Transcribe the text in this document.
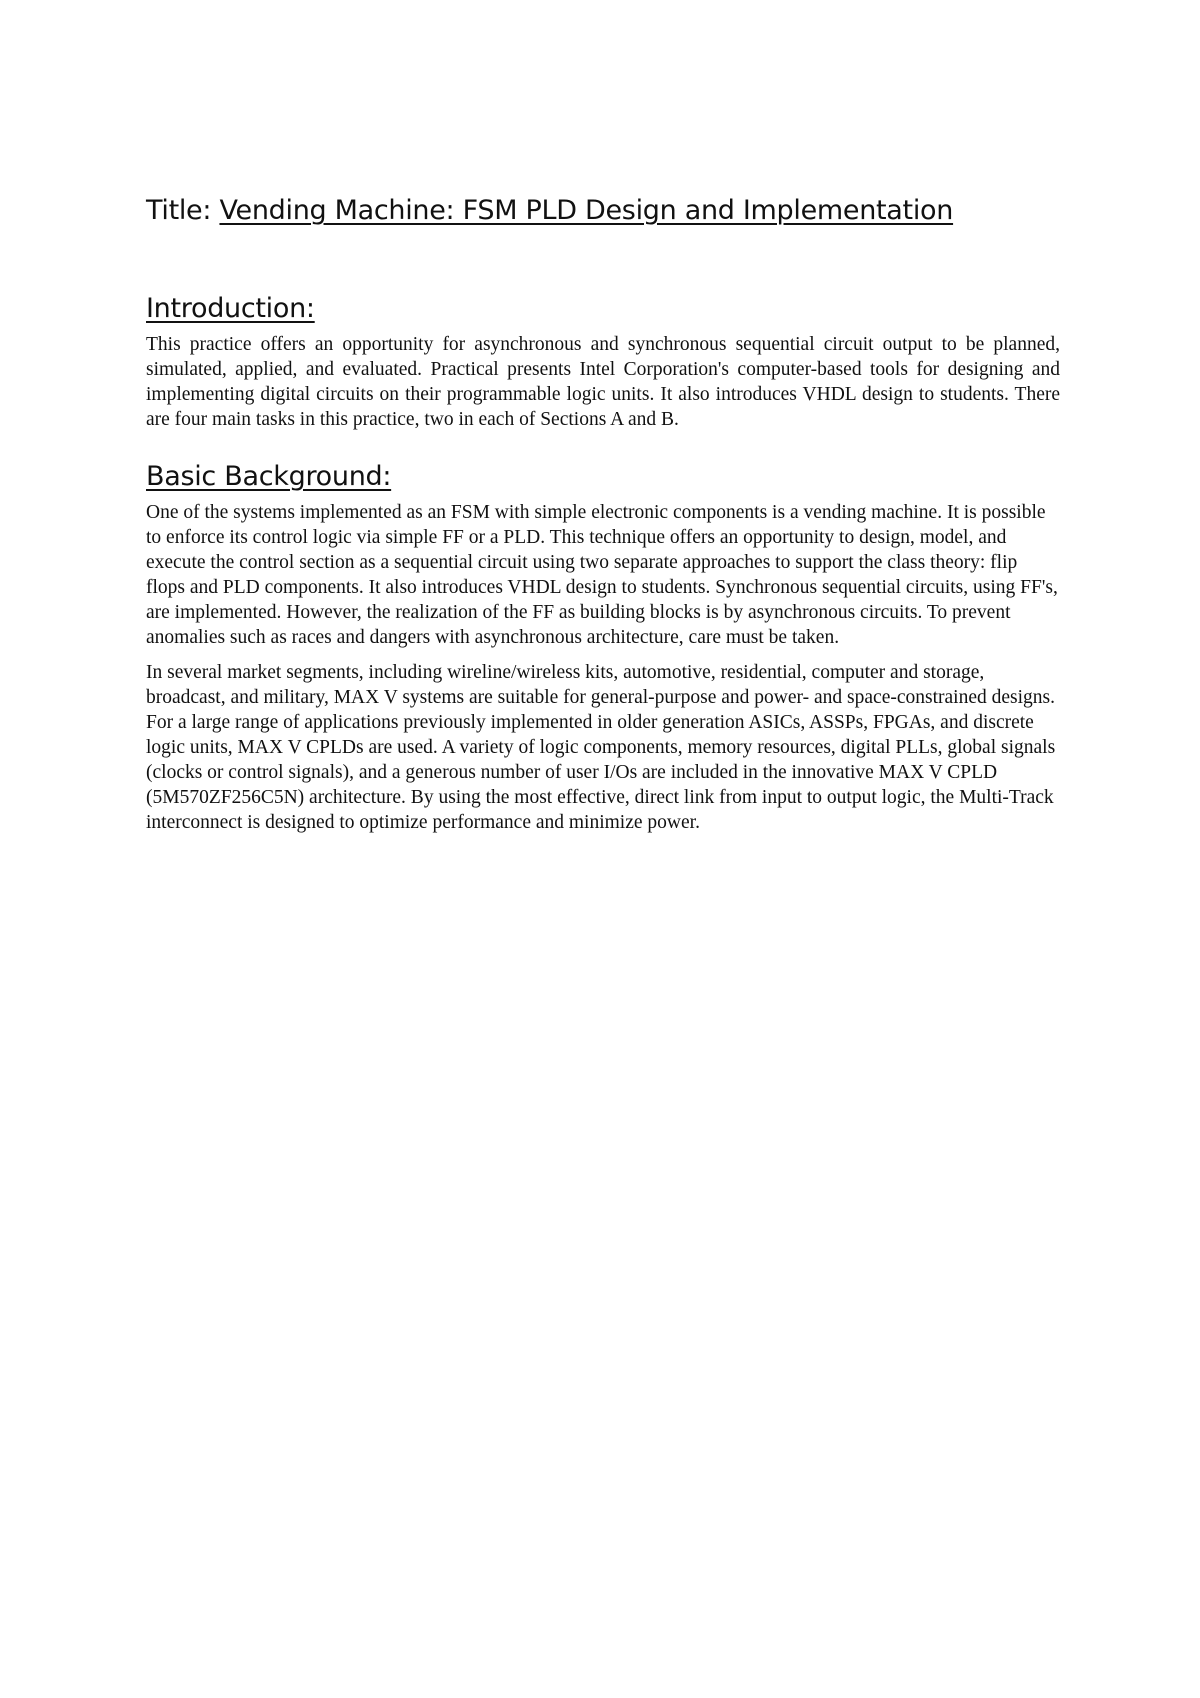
Title: Vending Machine: FSM PLD Design and Implementation
Introduction:

This practice offers an opportunity for asynchronous and synchronous sequential circuit output to be planned, simulated, applied, and evaluated. Practical presents Intel Corporation's computer-based tools for designing and implementing digital circuits on their programmable logic units. It also introduces VHDL design to students. There are four main tasks in this practice, two in each of Sections A and B.

Basic Background:

One of the systems implemented as an FSM with simple electronic components is a vending machine. It is possible to enforce its control logic via simple FF or a PLD. This technique offers an opportunity to design, model, and execute the control section as a sequential circuit using two separate approaches to support the class theory: flip flops and PLD components. It also introduces VHDL design to students. Synchronous sequential circuits, using FF's, are implemented. However, the realization of the FF as building blocks is by asynchronous circuits. To prevent anomalies such as races and dangers with asynchronous architecture, care must be taken.

In several market segments, including wireline/wireless kits, automotive, residential, computer and storage, broadcast, and military, MAX V systems are suitable for general-purpose and power- and space-constrained designs. For a large range of applications previously implemented in older generation ASICs, ASSPs, FPGAs, and discrete logic units, MAX V CPLDs are used. A variety of logic components, memory resources, digital PLLs, global signals (clocks or control signals), and a generous number of user I/Os are included in the innovative MAX V CPLD (5M570ZF256C5N) architecture. By using the most effective, direct link from input to output logic, the Multi-Track interconnect is designed to optimize performance and minimize power.
